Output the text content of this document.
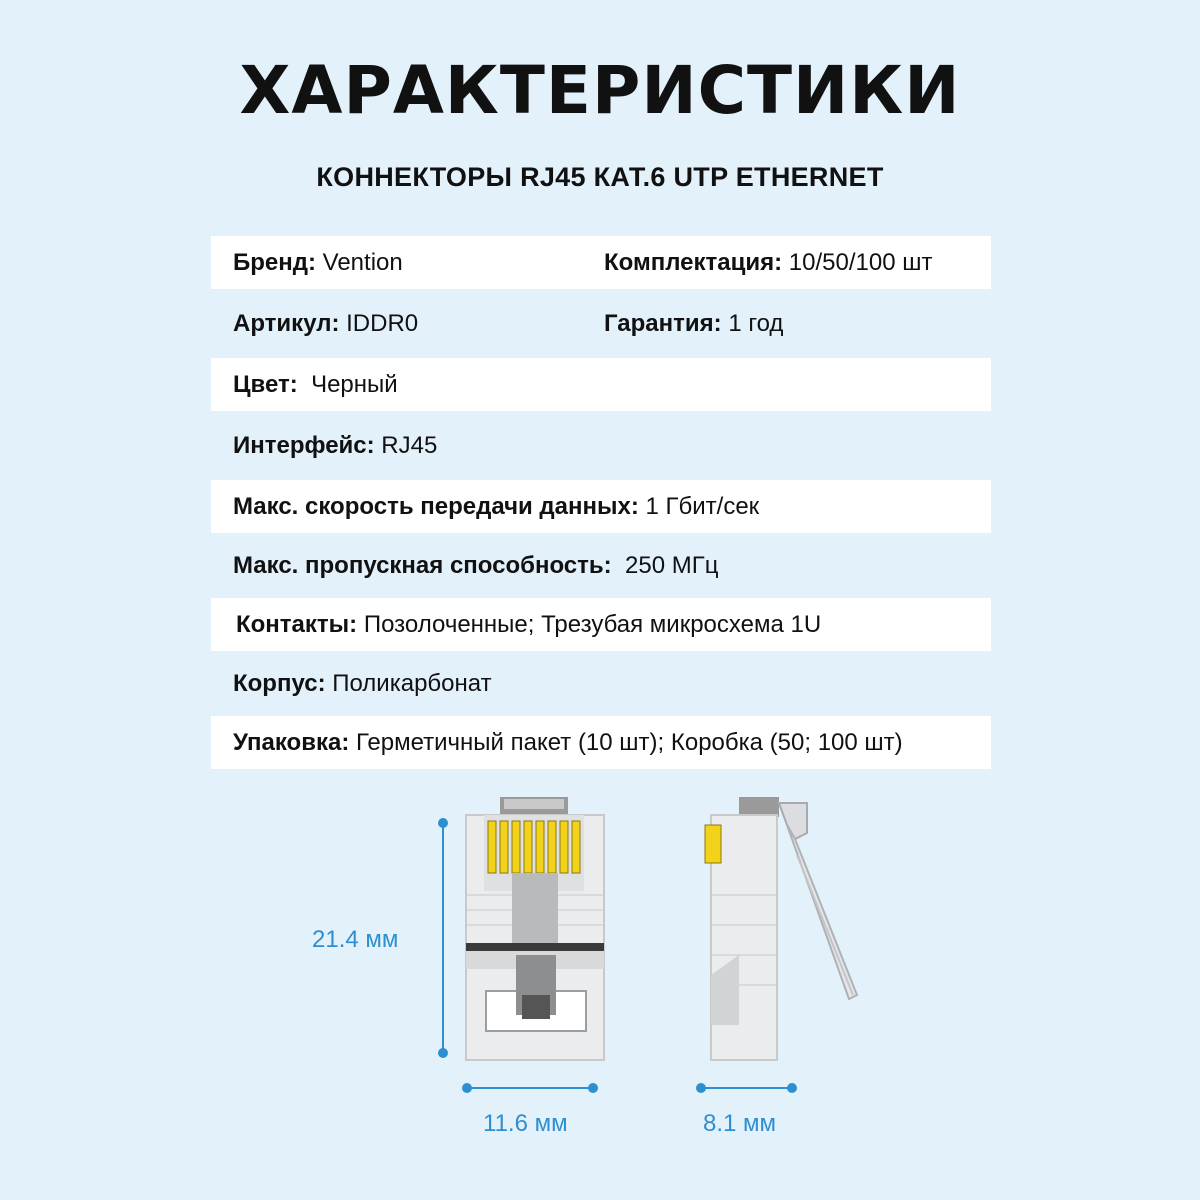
ХАРАКТЕРИСТИКИ
КОННЕКТОРЫ RJ45 КАТ.6 UTP ETHERNET
Бренд: Vention	Комплектация: 10/50/100 шт
Артикул: IDDR0	Гарантия: 1 год
Цвет:  Черный
Интерфейс: RJ45
Макс. скорость передачи данных: 1 Гбит/сек
Макс. пропускная способность:  250 МГц
Контакты: Позолоченные; Трезубая микросхема 1U
Корпус: Поликарбонат
Упаковка: Герметичный пакет (10 шт); Коробка (50; 100 шт)
21.4 мм
11.6 мм	8.1 мм
